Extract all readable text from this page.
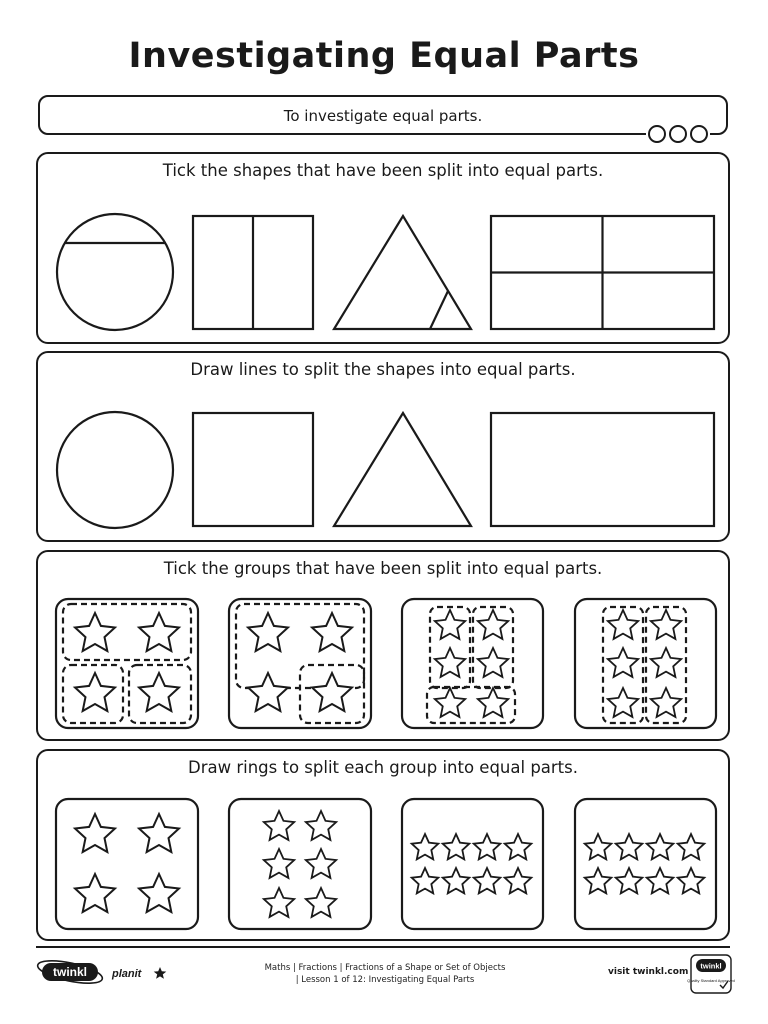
Investigating Equal Parts
To investigate equal parts.
Tick the shapes that have been split into equal parts.
Draw lines to split the shapes into equal parts.
Tick the groups that have been split into equal parts.
Draw rings to split each group into equal parts.
twinkl planit	Maths | Fractions | Fractions of a Shape or Set of Objects
| Lesson 1 of 12: Investigating Equal Parts
visit twinkl.com
twinkl
Quality Standard Approved
